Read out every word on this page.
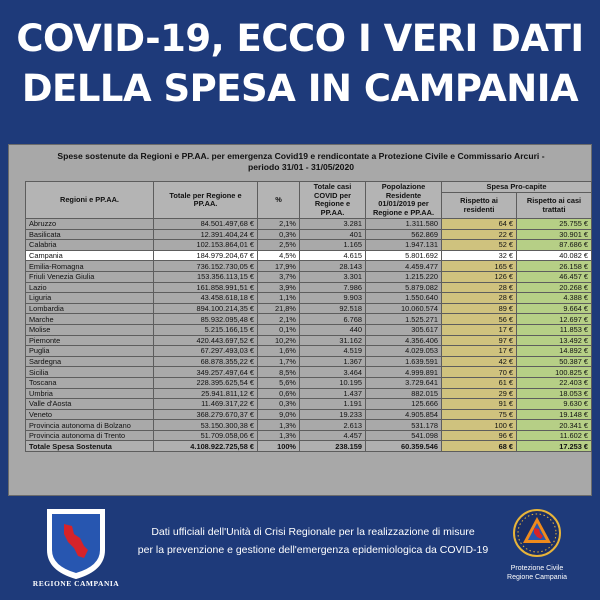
COVID-19, ECCO I VERI DATI
DELLA SPESA IN CAMPANIA
Spese sostenute da Regioni e PP.AA. per emergenza Covid19 e rendicontate a Protezione Civile e Commissario Arcuri -
periodo 31/01 - 31/05/2020
Regioni e PP.AA.	Totale per Regione e PP.AA.	%	Totale casi COVID per Regione e PP.AA.	Popolazione Residente 01/01/2019 per Regione e PP.AA.	Spesa Pro-capite	
					Rispetto ai residenti	Rispetto ai casi trattati
Abruzzo	84.501.497,68 €	2,1%	3.281	1.311.580	64 €	25.755 €
Basilicata	12.391.404,24 €	0,3%	401	562.869	22 €	30.901 €
Calabria	102.153.864,01 €	2,5%	1.165	1.947.131	52 €	87.686 €
Campania	184.979.204,67 €	4,5%	4.615	5.801.692	32 €	40.082 €
Emilia-Romagna	736.152.730,05 €	17,9%	28.143	4.459.477	165 €	26.158 €
Friuli Venezia Giulia	153.356.113,15 €	3,7%	3.301	1.215.220	126 €	46.457 €
Lazio	161.858.991,51 €	3,9%	7.986	5.879.082	28 €	20.268 €
Liguria	43.458.618,18 €	1,1%	9.903	1.550.640	28 €	4.388 €
Lombardia	894.100.214,35 €	21,8%	92.518	10.060.574	89 €	9.664 €
Marche	85.932.095,48 €	2,1%	6.768	1.525.271	56 €	12.697 €
Molise	5.215.166,15 €	0,1%	440	305.617	17 €	11.853 €
Piemonte	420.443.697,52 €	10,2%	31.162	4.356.406	97 €	13.492 €
Puglia	67.297.493,03 €	1,6%	4.519	4.029.053	17 €	14.892 €
Sardegna	68.878.355,22 €	1,7%	1.367	1.639.591	42 €	50.387 €
Sicilia	349.257.497,64 €	8,5%	3.464	4.999.891	70 €	100.825 €
Toscana	228.395.625,54 €	5,6%	10.195	3.729.641	61 €	22.403 €
Umbria	25.941.811,12 €	0,6%	1.437	882.015	29 €	18.053 €
Valle d'Aosta	11.469.317,22 €	0,3%	1.191	125.666	91 €	9.630 €
Veneto	368.279.670,37 €	9,0%	19.233	4.905.854	75 €	19.148 €
Provincia autonoma di Bolzano	53.150.300,38 €	1,3%	2.613	531.178	100 €	20.341 €
Provincia autonoma di Trento	51.709.058,06 €	1,3%	4.457	541.098	96 €	11.602 €
Totale Spesa Sostenuta	4.108.922.725,58 €	100%	238.159	60.359.546	68 €	17.253 €
REGIONE CAMPANIA
Dati ufficiali dell'Unità di Crisi Regionale per la realizzazione di misure
per la prevenzione e gestione dell'emergenza epidemiologica da COVID-19
Protezione Civile
Regione Campania
